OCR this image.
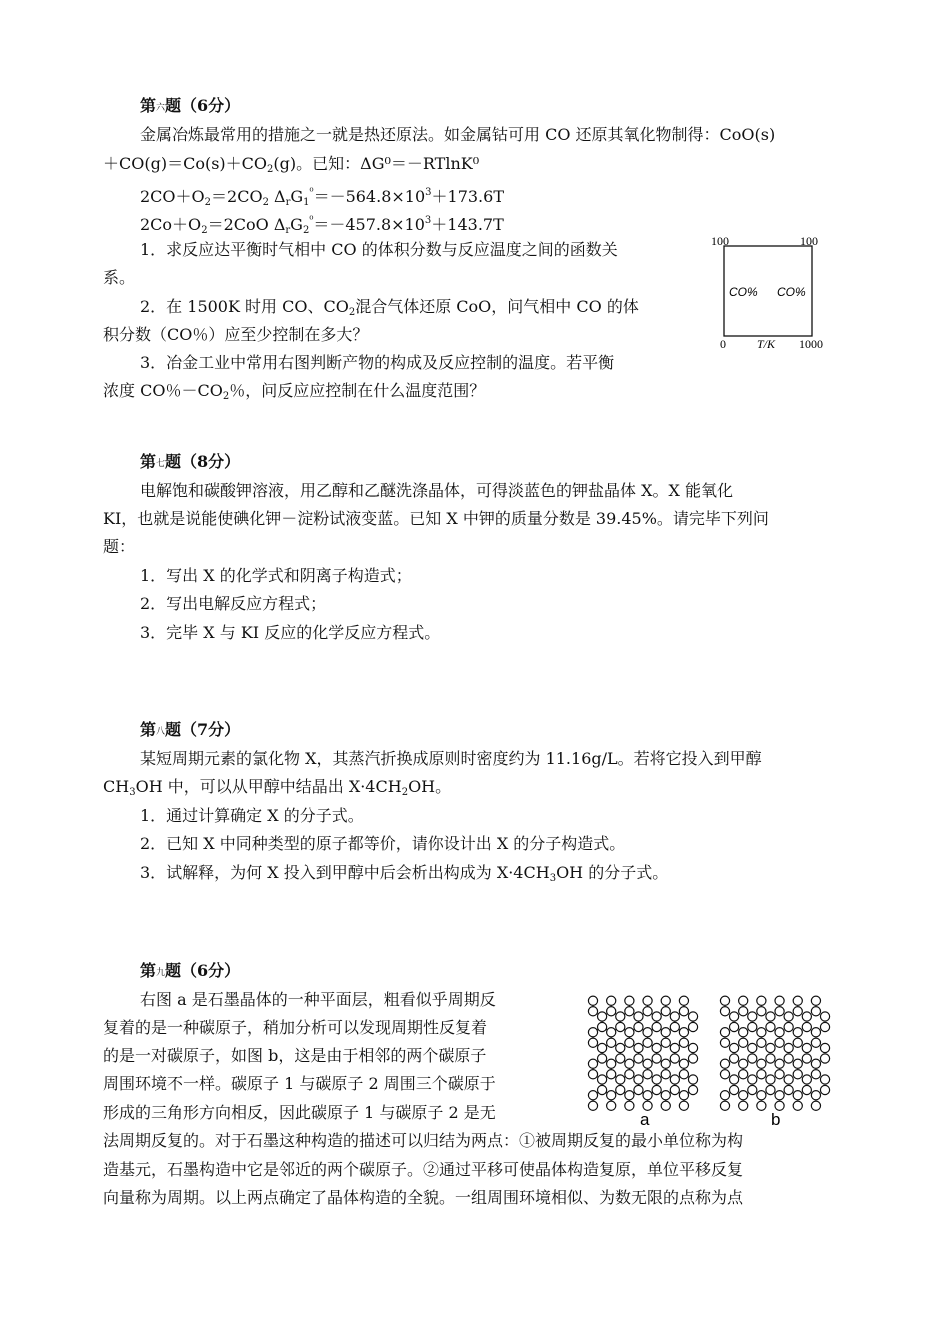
第$^六$题（6分）
金属冶炼最常用的措施之一就是热还原法。如金属钴可用 CO 还原其氧化物制得：CoO(s)
$+CO(g)=Co(s)+CO_2(g)$。已知：ΔG⁰＝－RTlnK⁰
$2CO+O_2=2CO_2$ $\Delta_rG_1^{^0}=-564.8\times 10^3+173.6T$
$2Co+O_2=2CoO$ $\Delta_rG_2^{^0}=-457.8\times 10^3+143.7T$
1．求反应达平衡时气相中 CO 的体积分数与反应温度之间的函数关
系。
2．在 1500K 时用 CO、$CO_2$混合气体还原 CoO，问气相中 CO 的体
积分数（CO％）应至少控制在多大？
3．冶金工业中常用右图判断产物的构成及反应控制的温度。若平衡
浓度 CO％$-CO_2$％，问反应应控制在什么温度范围？
第$^七$题（8分）
电解饱和碳酸钾溶液，用乙醇和乙醚洗涤晶体，可得淡蓝色的钾盐晶体 X。X 能氧化
KI，也就是说能使碘化钾－淀粉试液变蓝。已知 X 中钾的质量分数是 39.45%。请完毕下列问
题：
1．写出 X 的化学式和阴离子构造式；
2．写出电解反应方程式；
3．完毕 X 与 KI 反应的化学反应方程式。
第$^八$题（7分）
某短周期元素的氯化物 X，其蒸汽折换成原则时密度约为 11.16g/L。若将它投入到甲醇
$CH_3OH$ 中，可以从甲醇中结晶出 $X\cdot 4CH_2OH$。
1．通过计算确定 X 的分子式。
2．已知 X 中同种类型的原子都等价，请你设计出 X 的分子构造式。
3．试解释，为何 X 投入到甲醇中后会析出构成为 $X\cdot 4CH_3OH$ 的分子式。
第$^九$题（6分）
右图 a 是石墨晶体的一种平面层，粗看似乎周期反
复着的是一种碳原子，稍加分析可以发现周期性反复着
的是一对碳原子，如图 b，这是由于相邻的两个碳原子
周围环境不一样。碳原子 1 与碳原子 2 周围三个碳原于
形成的三角形方向相反，因此碳原子 1 与碳原子 2 是无
法周期反复的。对于石墨这种构造的描述可以归结为两点：①被周期反复的最小单位称为构
造基元，石墨构造中它是邻近的两个碳原子。②通过平移可使晶体构造复原，单位平移反复
向量称为周期。以上两点确定了晶体构造的全貌。一组周围环境相似、为数无限的点称为点
100	100
CO% CO%
0	T/K 1000
a	b
